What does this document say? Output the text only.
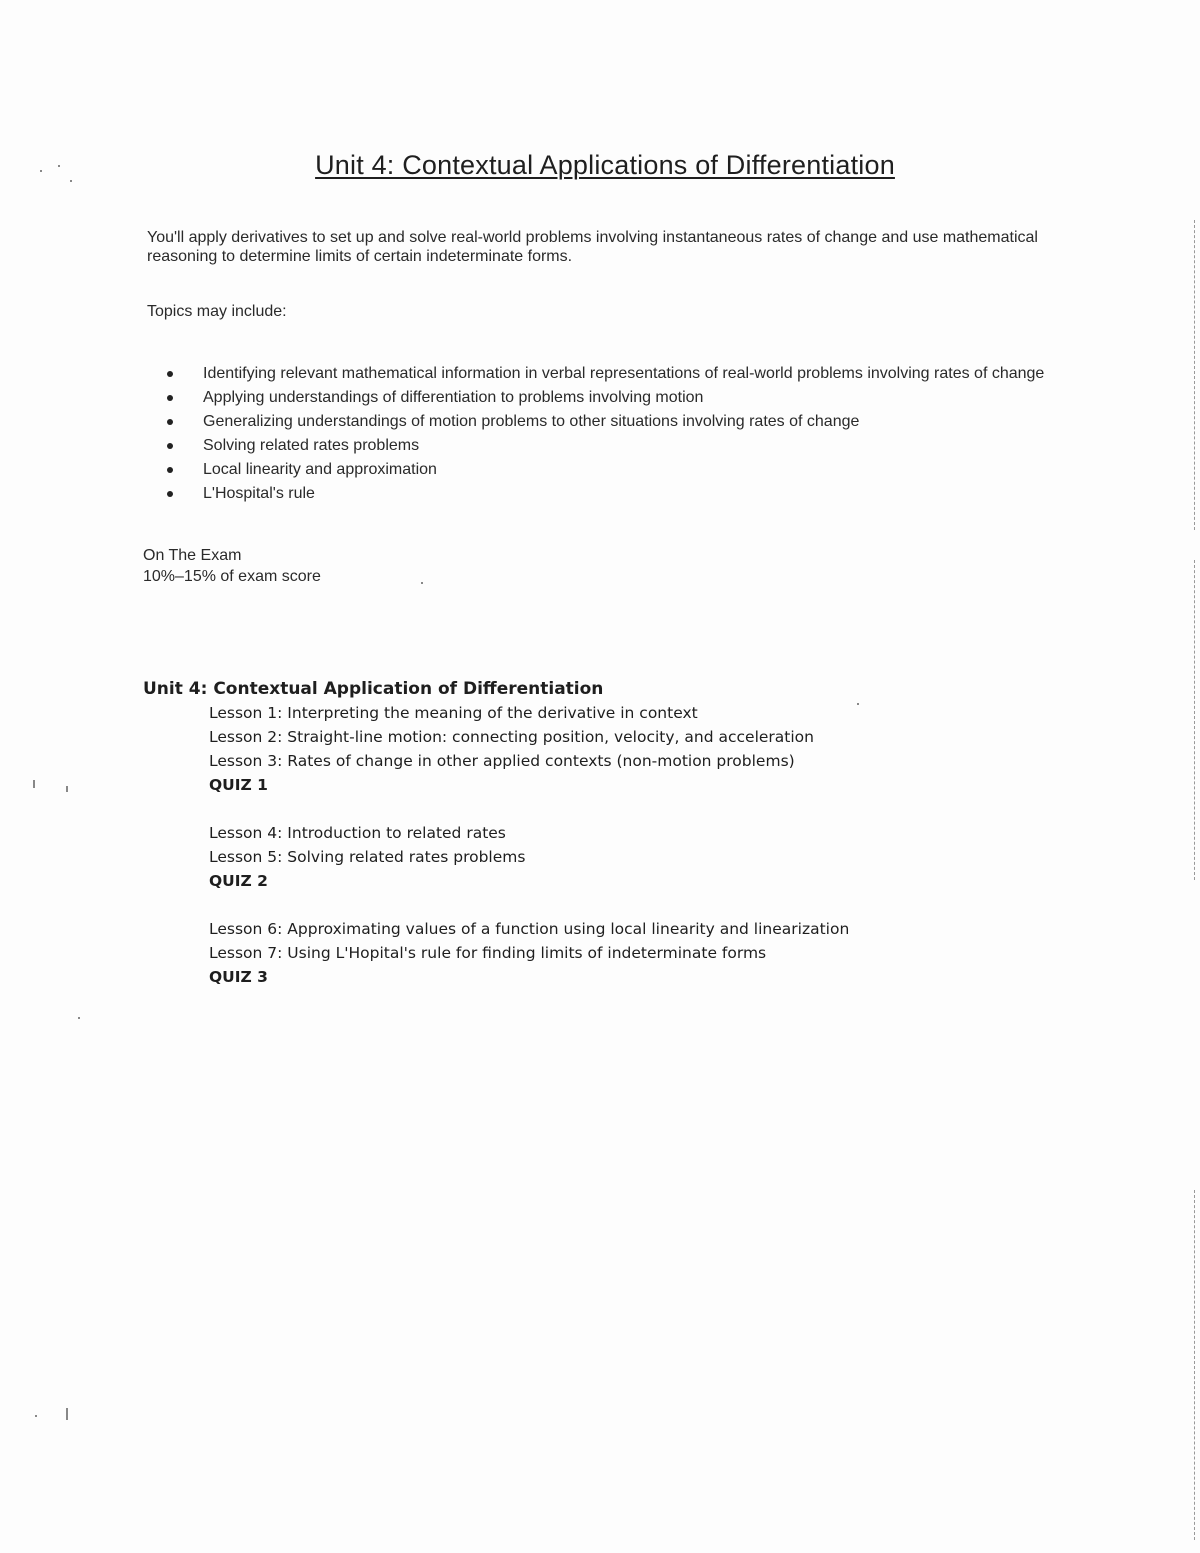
Unit 4: Contextual Applications of Differentiation
You'll apply derivatives to set up and solve real-world problems involving instantaneous rates of change and use mathematical reasoning to determine limits of certain indeterminate forms.
Topics may include:
Identifying relevant mathematical information in verbal representations of real-world problems involving rates of change
Applying understandings of differentiation to problems involving motion
Generalizing understandings of motion problems to other situations involving rates of change
Solving related rates problems
Local linearity and approximation
L'Hospital's rule
On The Exam
10%–15% of exam score
Unit 4: Contextual Application of Differentiation
Lesson 1: Interpreting the meaning of the derivative in context
Lesson 2: Straight-line motion: connecting position, velocity, and acceleration
Lesson 3: Rates of change in other applied contexts (non-motion problems)
QUIZ 1
Lesson 4: Introduction to related rates
Lesson 5: Solving related rates problems
QUIZ 2
Lesson 6: Approximating values of a function using local linearity and linearization
Lesson 7: Using L'Hopital's rule for finding limits of indeterminate forms
QUIZ 3
